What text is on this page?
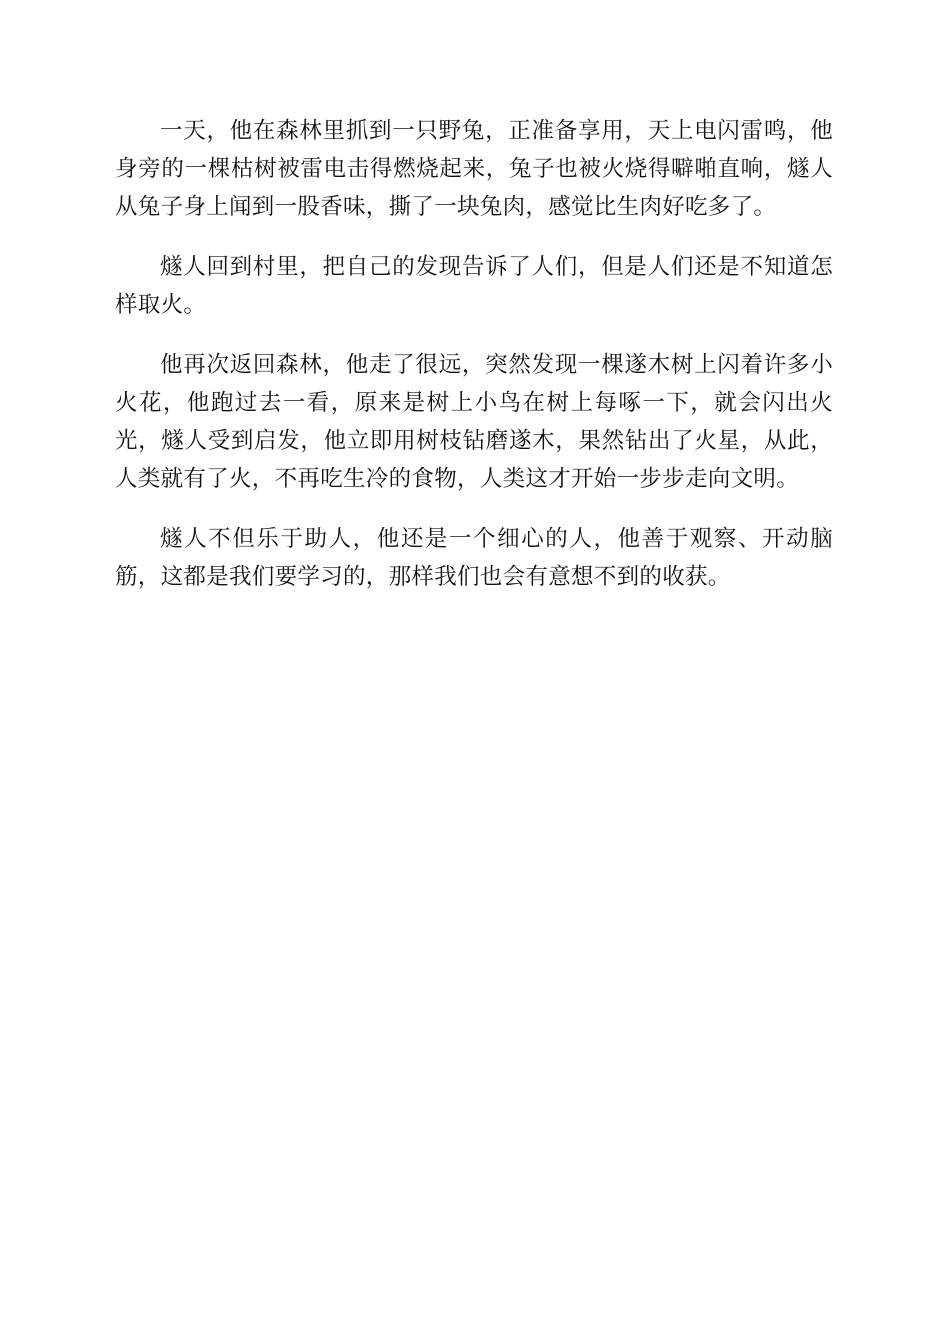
一天，他在森林里抓到一只野兔，正准备享用，天上电闪雷鸣，他身旁的一棵枯树被雷电击得燃烧起来，兔子也被火烧得噼啪直响，燧人从兔子身上闻到一股香味，撕了一块兔肉，感觉比生肉好吃多了。

燧人回到村里，把自己的发现告诉了人们，但是人们还是不知道怎样取火。

他再次返回森林，他走了很远，突然发现一棵遂木树上闪着许多小火花，他跑过去一看，原来是树上小鸟在树上每啄一下，就会闪出火光，燧人受到启发，他立即用树枝钻磨遂木，果然钻出了火星，从此，人类就有了火，不再吃生冷的食物，人类这才开始一步步走向文明。

燧人不但乐于助人，他还是一个细心的人，他善于观察、开动脑筋，这都是我们要学习的，那样我们也会有意想不到的收获。
